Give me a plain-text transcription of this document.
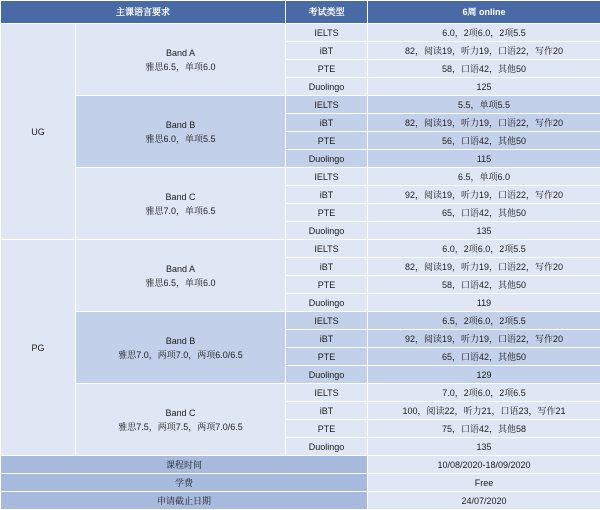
主课语言要求		考试类型	6周 online
UG	Band A
雅思6.5，单项6.0	IELTS	6.0，2项6.0，2项5.5
		iBT	82，阅读19，听力19，口语22，写作20
		PTE	58，口语42，其他50
		Duolingo	125

	Band B
雅思6.0，单项5.5	IELTS	5.5，单项5.5
		iBT	82，阅读19，听力19，口语22，写作20
		PTE	56，口语42，其他50
		Duolingo	115

	Band C
雅思7.0，单项6.5	IELTS	6.5，单项6.0
		iBT	92，阅读19，听力19，口语22，写作20
		PTE	65，口语42，其他50
		Duolingo	135
PG	Band A
雅思6.5，单项6.0	IELTS	6.0，2项6.0，2项5.5
		iBT	82，阅读19，听力19，口语22，写作20
		PTE	58，口语42，其他50
		Duolingo	119

	Band B
雅思7.0，两项7.0，两项6.0/6.5	IELTS	6.5，2项6.0，2项5.5
		iBT	92，阅读19，听力19，口语22，写作20
		PTE	65，口语42，其他50
		Duolingo	129

	Band C
雅思7.5，两项7.5，两项7.0/6.5	IELTS	7.0，2项6.0，2项6.5
		iBT	100，阅读22，听力21，口语23，写作21
		PTE	75，口语42，其他58
		Duolingo	135
课程时间			10/08/2020-18/09/2020
学费			Free
申请截止日期			24/07/2020
